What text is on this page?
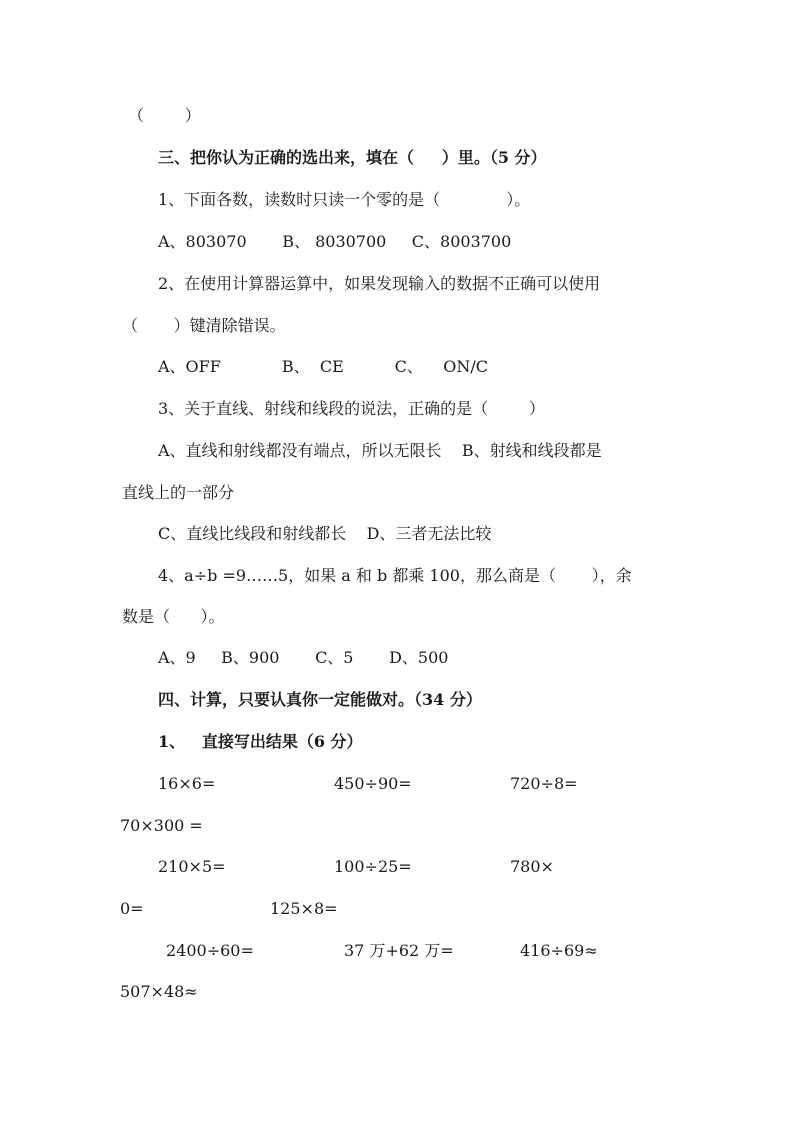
（        ）
三、把你认为正确的选出来，填在（     ）里。（5 分）
1、下面各数，读数时只读一个零的是（             ）。
A、803070       B、 8030700     C、8003700
2、在使用计算器运算中，如果发现输入的数据不正确可以使用
（       ）键清除错误。
A、OFF            B、  CE          C、    ON/C
3、关于直线、射线和线段的说法，正确的是（        ）
A、直线和射线都没有端点，所以无限长    B、射线和线段都是
直线上的一部分
C、直线比线段和射线都长    D、三者无法比较
4、a÷b =9……5，如果 a 和 b 都乘 100，那么商是（       ），余
数是（      ）。
A、9     B、900       C、5       D、500
四、计算，只要认真你一定能做对。（34 分）
1、   直接写出结果（6 分）
16×6=	450÷90=	720÷8=
70×300 =
210×5=	100÷25=	780×
0=	125×8=
2400÷60=	37 万+62 万=	416÷69≈
507×48≈
